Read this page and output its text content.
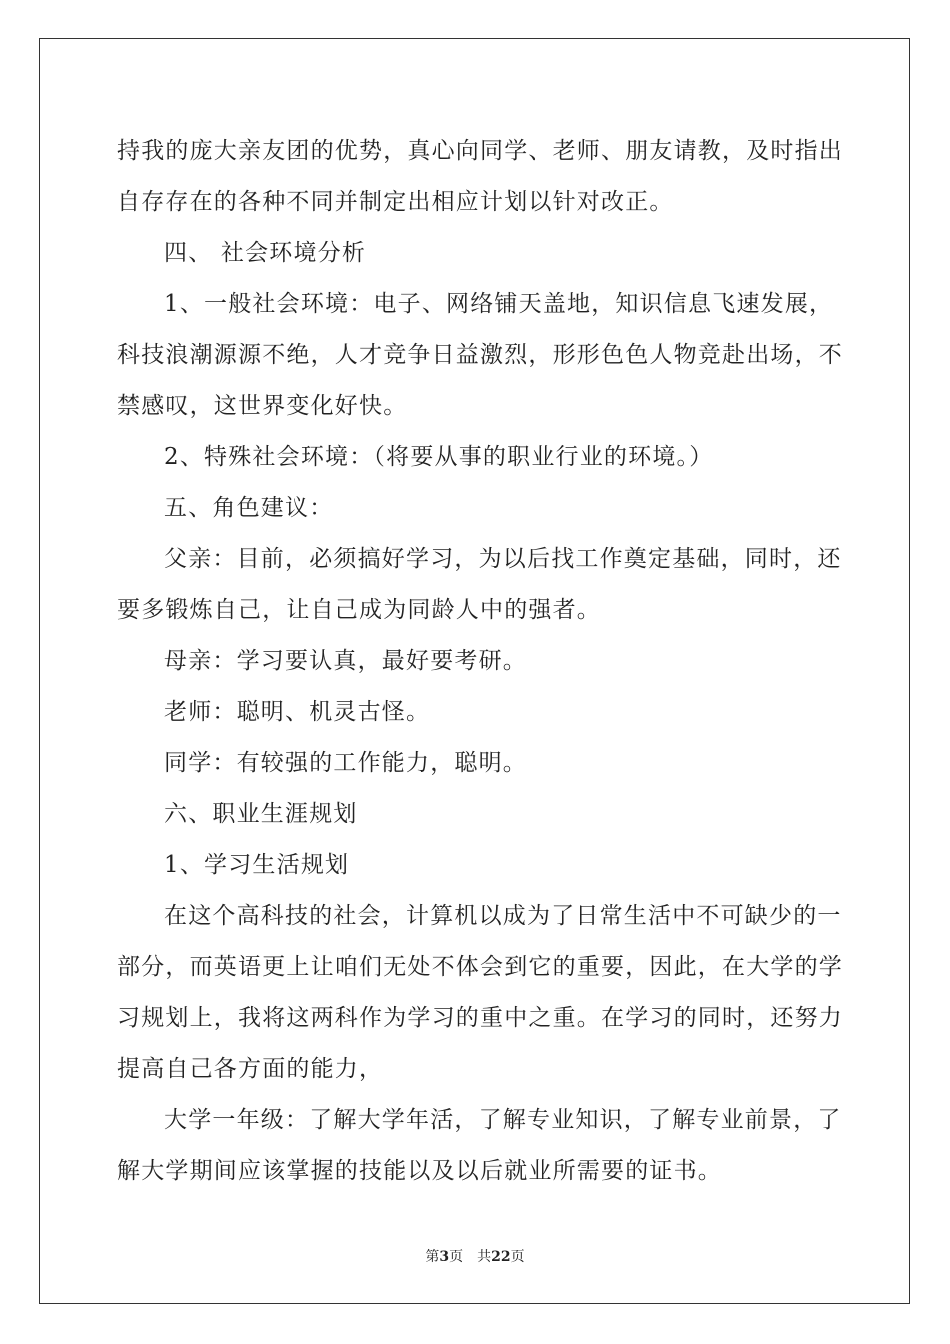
持我的庞大亲友团的优势，真心向同学、老师、朋友请教，及时指出
自存存在的各种不同并制定出相应计划以针对改正。

四、 社会环境分析

1、一般社会环境：电子、网络铺天盖地，知识信息飞速发展，
科技浪潮源源不绝，人才竞争日益激烈，形形色色人物竞赴出场，不
禁感叹，这世界变化好快。

2、特殊社会环境：（将要从事的职业行业的环境。）

五、角色建议：

父亲：目前，必须搞好学习，为以后找工作奠定基础，同时，还
要多锻炼自己，让自己成为同龄人中的强者。

母亲：学习要认真，最好要考研。

老师：聪明、机灵古怪。

同学：有较强的工作能力，聪明。

六、职业生涯规划

1、学习生活规划

在这个高科技的社会，计算机以成为了日常生活中不可缺少的一
部分，而英语更上让咱们无处不体会到它的重要，因此，在大学的学
习规划上，我将这两科作为学习的重中之重。在学习的同时，还努力
提高自己各方面的能力，

大学一年级：了解大学年活，了解专业知识，了解专业前景，了
解大学期间应该掌握的技能以及以后就业所需要的证书。

第3页 共22页
